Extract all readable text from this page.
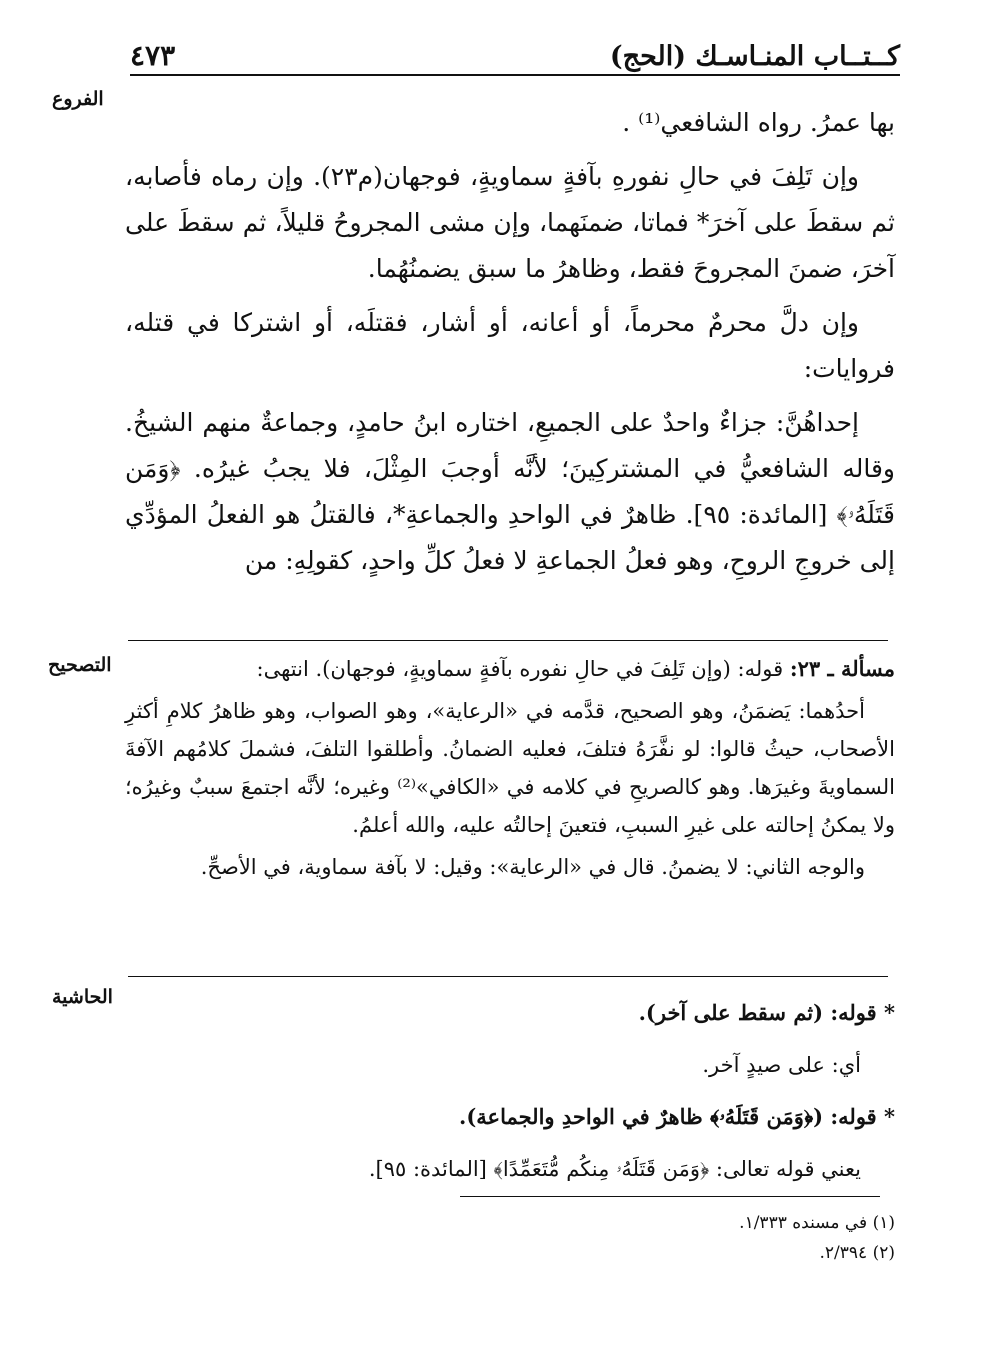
كــتــاب المنـاسـك (الحج)
٤٧٣
الفروع
التصحيح
الحاشية

بها عمرُ. رواه الشافعي⁽¹⁾ .

وإن تَلِفَ في حالِ نفورهِ بآفةٍ سماويةٍ، فوجهان(م٢٣). وإن رماه فأصابه، ثم سقطَ على آخرَ* فماتا، ضمنَهما، وإن مشى المجروحُ قليلاً، ثم سقطَ على آخرَ، ضمنَ المجروحَ فقط، وظاهرُ ما سبق يضمنُهُما.

وإن دلَّ محرمٌ محرماً، أو أعانه، أو أشار، فقتلَه، أو اشتركا في قتله، فروايات:

إحداهُنَّ: جزاءٌ واحدٌ على الجميعِ، اختاره ابنُ حامدٍ، وجماعةٌ منهم الشيخُ. وقاله الشافعيُّ في المشتركِينَ؛ لأنَّه أوجبَ المِثْلَ، فلا يجبُ غيرُه. ﴿وَمَن قَتَلَهُۥ﴾ [المائدة: ٩٥]. ظاهرٌ في الواحدِ والجماعةِ*، فالقتلُ هو الفعلُ المؤدِّي إلى خروجِ الروحِ، وهو فعلُ الجماعةِ لا فعلُ كلِّ واحدٍ، كقولِهِ: من

مسألة ـ ٢٣: قوله: (وإن تَلِفَ في حالِ نفوره بآفةٍ سماويةٍ، فوجهان). انتهى:

أحدُهما: يَضمَنُ، وهو الصحيح، قدَّمه في «الرعاية»، وهو الصواب، وهو ظاهرُ كلامِ أكثرِ الأصحاب، حيثُ قالوا: لو نفَّرَهُ فتلفَ، فعليه الضمانُ. وأطلقوا التلفَ، فشملَ كلامُهم الآفةَ السماويةَ وغيرَها. وهو كالصريحِ في كلامه في «الكافي»⁽²⁾ وغيره؛ لأنَّه اجتمعَ سببٌ وغيرُه؛ ولا يمكنُ إحالته على غيرِ السببِ، فتعينَ إحالتُه عليه، والله أعلمُ.

والوجه الثاني: لا يضمنُ. قال في «الرعاية»: وقيل: لا بآفة سماوية، في الأصحِّ.

* قوله: (ثم سقط على آخر).

أي: على صيدٍ آخر.

* قوله: (﴿وَمَن قَتَلَهُۥ﴾ ظاهرٌ في الواحدِ والجماعة).

يعني قوله تعالى: ﴿وَمَن قَتَلَهُۥ مِنكُم مُّتَعَمِّدًا﴾ [المائدة: ٩٥].

(١) في مسنده ١/٣٣٣.

(٢) ٢/٣٩٤.
